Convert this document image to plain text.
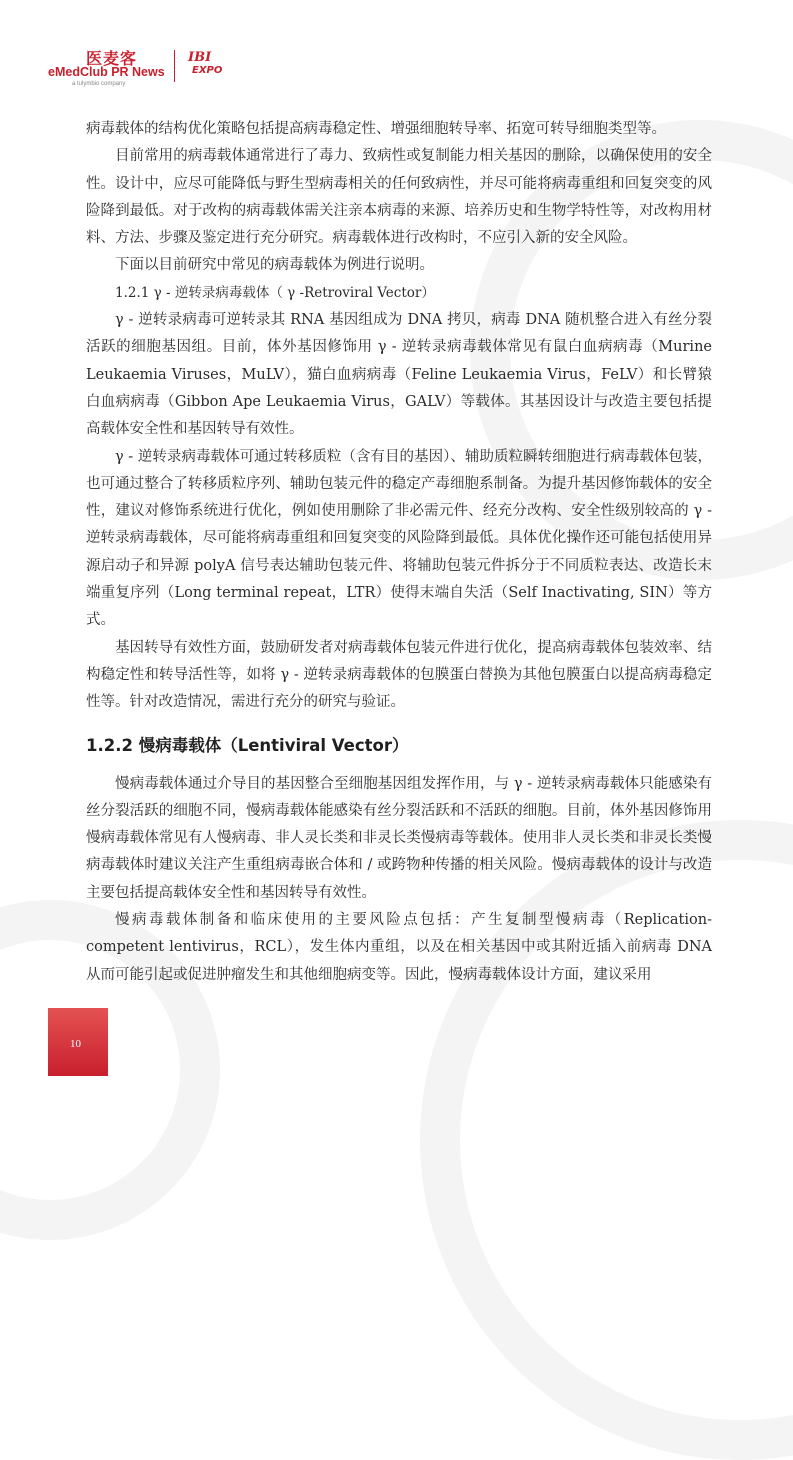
医麦客
eMedClub PR News
a tulymbio company
IBI
EXPO

病毒载体的结构优化策略包括提高病毒稳定性、增强细胞转导率、拓宽可转导细胞类型等。

目前常用的病毒载体通常进行了毒力、致病性或复制能力相关基因的删除，以确保使用的安全性。设计中，应尽可能降低与野生型病毒相关的任何致病性，并尽可能将病毒重组和回复突变的风险降到最低。对于改构的病毒载体需关注亲本病毒的来源、培养历史和生物学特性等，对改构用材料、方法、步骤及鉴定进行充分研究。病毒载体进行改构时，不应引入新的安全风险。

下面以目前研究中常见的病毒载体为例进行说明。

1.2.1 γ - 逆转录病毒载体（ γ -Retroviral Vector）

γ - 逆转录病毒可逆转录其 RNA 基因组成为 DNA 拷贝，病毒 DNA 随机整合进入有丝分裂活跃的细胞基因组。目前，体外基因修饰用 γ - 逆转录病毒载体常见有鼠白血病病毒（Murine Leukaemia Viruses，MuLV），猫白血病病毒（Feline Leukaemia Virus，FeLV）和长臂猿白血病病毒（Gibbon Ape Leukaemia Virus，GALV）等载体。其基因设计与改造主要包括提高载体安全性和基因转导有效性。

γ - 逆转录病毒载体可通过转移质粒（含有目的基因）、辅助质粒瞬转细胞进行病毒载体包装，也可通过整合了转移质粒序列、辅助包装元件的稳定产毒细胞系制备。为提升基因修饰载体的安全性，建议对修饰系统进行优化，例如使用删除了非必需元件、经充分改构、安全性级别较高的 γ - 逆转录病毒载体，尽可能将病毒重组和回复突变的风险降到最低。具体优化操作还可能包括使用异源启动子和异源 polyA 信号表达辅助包装元件、将辅助包装元件拆分于不同质粒表达、改造长末端重复序列（Long terminal repeat，LTR）使得末端自失活（Self Inactivating, SIN）等方式。

基因转导有效性方面，鼓励研发者对病毒载体包装元件进行优化，提高病毒载体包装效率、结构稳定性和转导活性等，如将 γ - 逆转录病毒载体的包膜蛋白替换为其他包膜蛋白以提高病毒稳定性等。针对改造情况，需进行充分的研究与验证。

1.2.2 慢病毒载体（Lentiviral Vector）

慢病毒载体通过介导目的基因整合至细胞基因组发挥作用，与 γ - 逆转录病毒载体只能感染有丝分裂活跃的细胞不同，慢病毒载体能感染有丝分裂活跃和不活跃的细胞。目前，体外基因修饰用慢病毒载体常见有人慢病毒、非人灵长类和非灵长类慢病毒等载体。使用非人灵长类和非灵长类慢病毒载体时建议关注产生重组病毒嵌合体和 / 或跨物种传播的相关风险。慢病毒载体的设计与改造主要包括提高载体安全性和基因转导有效性。

慢病毒载体制备和临床使用的主要风险点包括：产生复制型慢病毒（Replication-competent lentivirus，RCL），发生体内重组，以及在相关基因中或其附近插入前病毒 DNA 从而可能引起或促进肿瘤发生和其他细胞病变等。因此，慢病毒载体设计方面，建议采用

10
